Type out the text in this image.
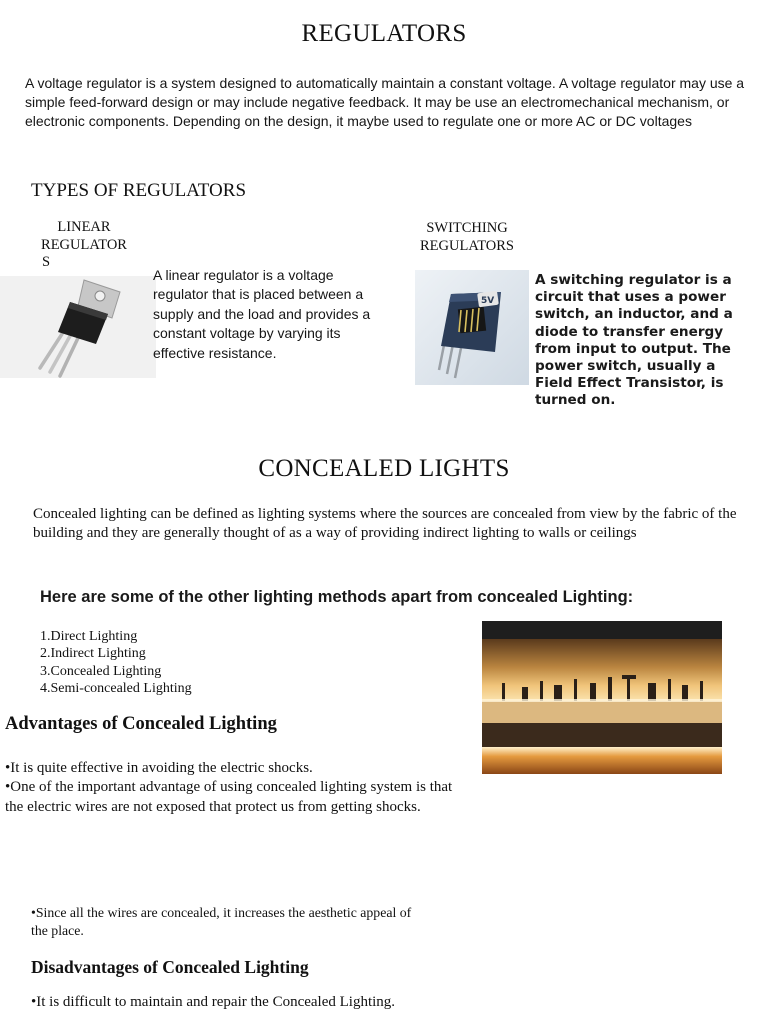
REGULATORS
A voltage regulator is a system designed to automatically maintain a constant voltage. A voltage regulator may use a simple feed-forward design or may include negative feedback. It may be use an electromechanical mechanism, or electronic components. Depending on the design, it maybe used to regulate one or more AC or DC voltages
TYPES OF REGULATORS
LINEAR
REGULATOR
S
A linear regulator is a voltage regulator that is placed between a supply and the load and provides a constant voltage by varying its effective resistance.
SWITCHING
REGULATORS
5V
A switching regulator is a circuit that uses a power switch, an inductor, and a diode to transfer energy from input to output. The power switch, usually a Field Effect Transistor, is turned on.
CONCEALED LIGHTS
Concealed lighting can be defined as lighting systems where the sources are concealed from view by the fabric of the building and they are generally thought of as a way of providing indirect lighting to walls or ceilings
Here are some of the other lighting methods apart from concealed Lighting:
1.Direct Lighting
2.Indirect Lighting
3.Concealed Lighting
4.Semi-concealed Lighting
Advantages of Concealed Lighting
•It is quite effective in avoiding the electric shocks.
•One of the important advantage of using concealed lighting system is that the electric wires are not exposed that protect us from getting shocks.
•Since all the wires are concealed, it increases the aesthetic appeal of the place.
Disadvantages of Concealed Lighting
•It is difficult to maintain and repair the Concealed Lighting.
